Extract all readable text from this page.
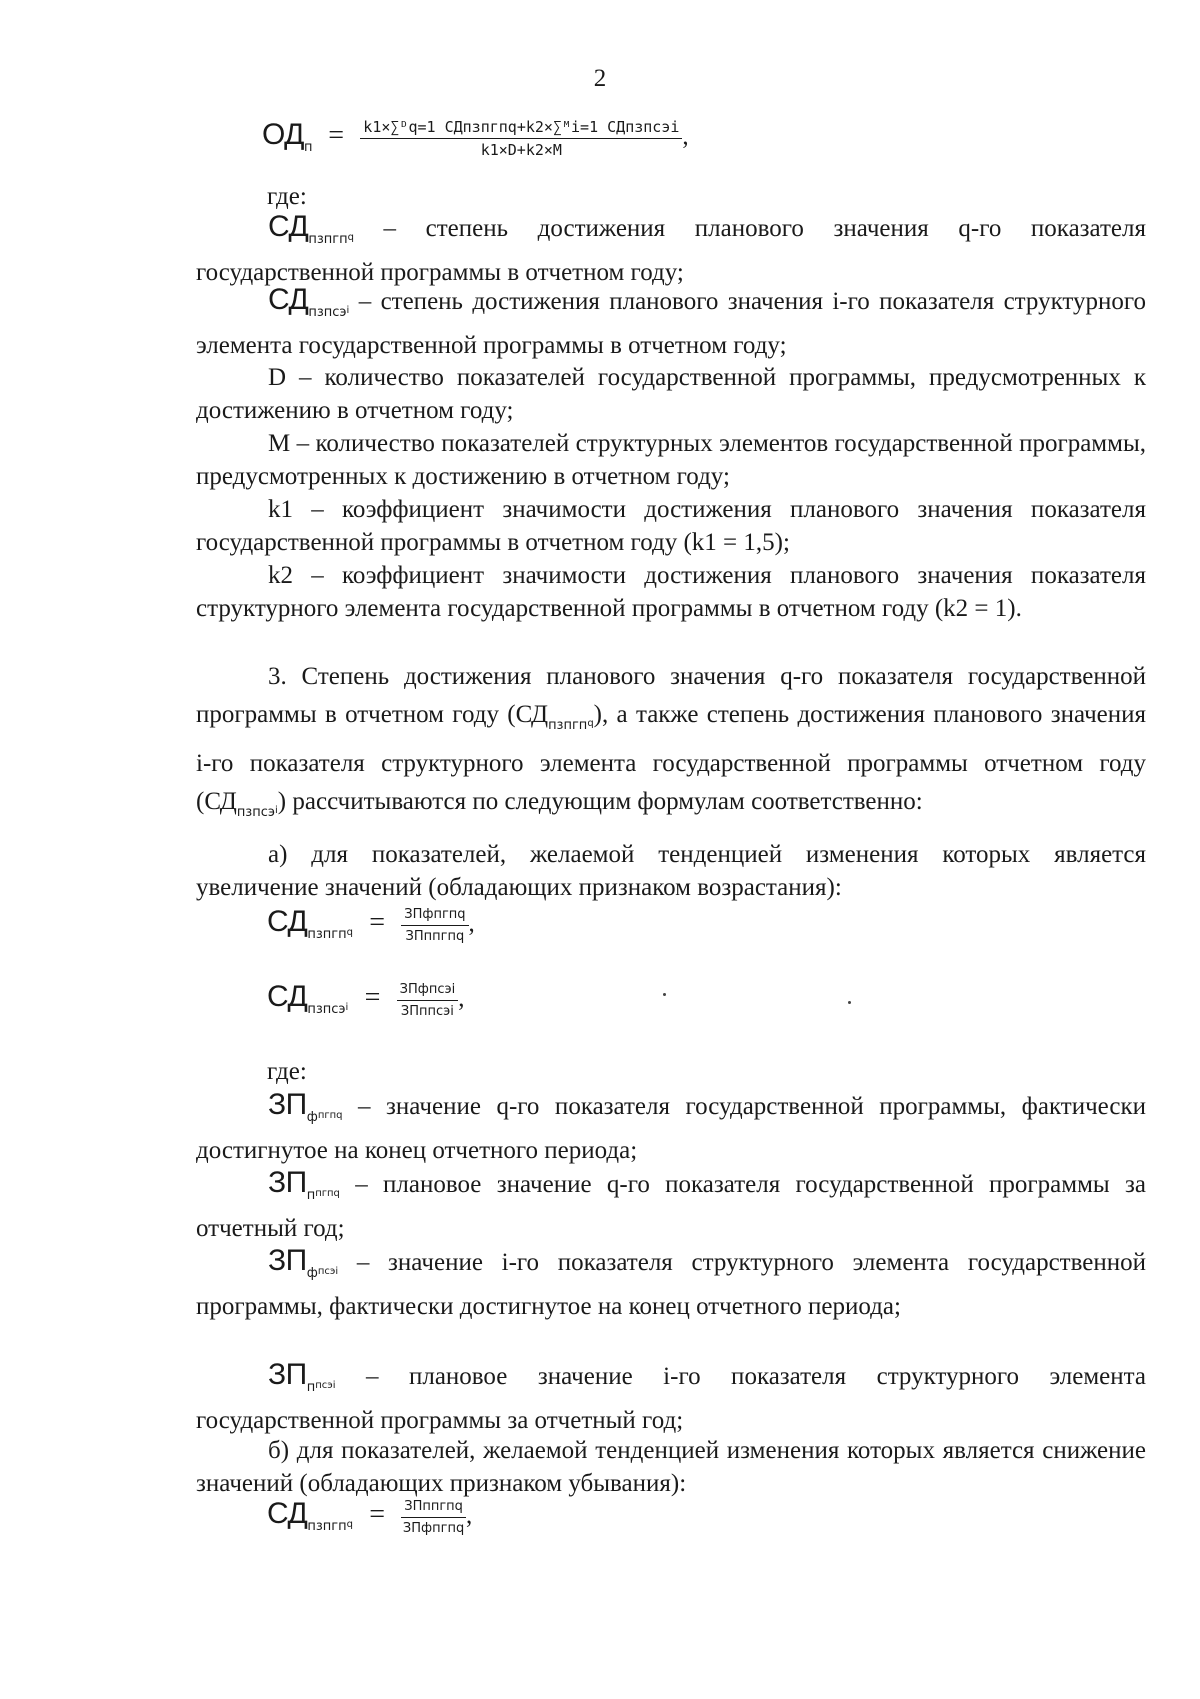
2
$ОД_п = \frac{\text{k1×∑ᴰq=1 СДпзпгпq+k2×∑ᴹi=1 СДпзпсэi}}{k1\times D+k2\times M}$ ,
где:
$СД_{пзпгп}q$ – степень достижения планового значения q-го показателя государственной программы в отчетном году;
$СД_{пзпсэ}i$ – степень достижения планового значения i-го показателя структурного элемента государственной программы в отчетном году;
D – количество показателей государственной программы, предусмотренных к достижению в отчетном году;
M – количество показателей структурных элементов государственной программы, предусмотренных к достижению в отчетном году;
k1 – коэффициент значимости достижения планового значения показателя государственной программы в отчетном году (k1 = 1,5);
k2 – коэффициент значимости достижения планового значения показателя структурного элемента государственной программы в отчетном году (k2 = 1).
3. Степень достижения планового значения q-го показателя государственной программы в отчетном году $(СД_{пзпгп}q)$, а также степень достижения планового значения i-го показателя структурного элемента государственной программы отчетном году $(СД_{пзпсэ}i)$ рассчитываются по следующим формулам соответственно:
а) для показателей, желаемой тенденцией изменения которых является увеличение значений (обладающих признаком возрастания):
$СД_{пзпгп}q = \frac{\text{ЗПфпгпq}}{\text{ЗПппгпq}}$ ,
$СД_{пзпсэ}i = \frac{\text{ЗПфпсэi}}{\text{ЗПппсэi}}$ ,
где:
$ЗП_фпгпq$ – значение q-го показателя государственной программы, фактически достигнутое на конец отчетного периода;
$ЗП_ппгпq$ – плановое значение q-го показателя государственной программы за отчетный год;
$ЗП_фпсэi$ – значение i-го показателя структурного элемента государственной программы, фактически достигнутое на конец отчетного периода;
$ЗП_ппсэi$ – плановое значение i-го показателя структурного элемента государственной программы за отчетный год;
б) для показателей, желаемой тенденцией изменения которых является снижение значений (обладающих признаком убывания):
$СД_{пзпгп}q = \frac{\text{ЗПппгпq}}{\text{ЗПфпгпq}}$ ,
